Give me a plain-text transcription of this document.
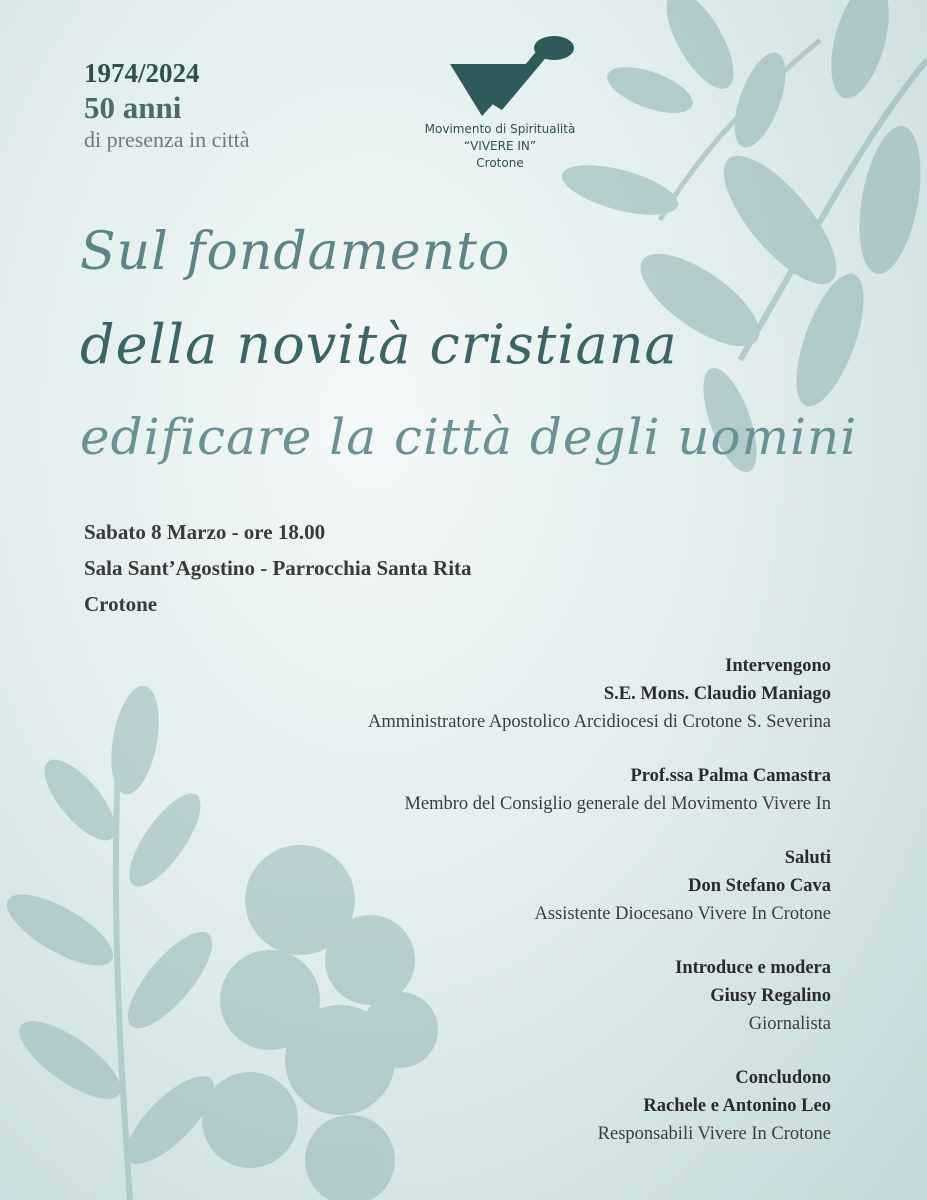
1974/2024
50 anni
di presenza in città	Movimento di Spiritualità
“VIVERE IN”
Crotone
Sul fondamento
della novità cristiana
edificare la città degli uomini
Sabato 8 Marzo - ore 18.00
Sala Sant’Agostino - Parrocchia Santa Rita
Crotone
Intervengono
S.E. Mons. Claudio Maniago
Amministratore Apostolico Arcidiocesi di Crotone S. Severina
Prof.ssa Palma Camastra
Membro del Consiglio generale del Movimento Vivere In
Saluti
Don Stefano Cava
Assistente Diocesano Vivere In Crotone
Introduce e modera
Giusy Regalino
Giornalista
Concludono
Rachele e Antonino Leo
Responsabili Vivere In Crotone
